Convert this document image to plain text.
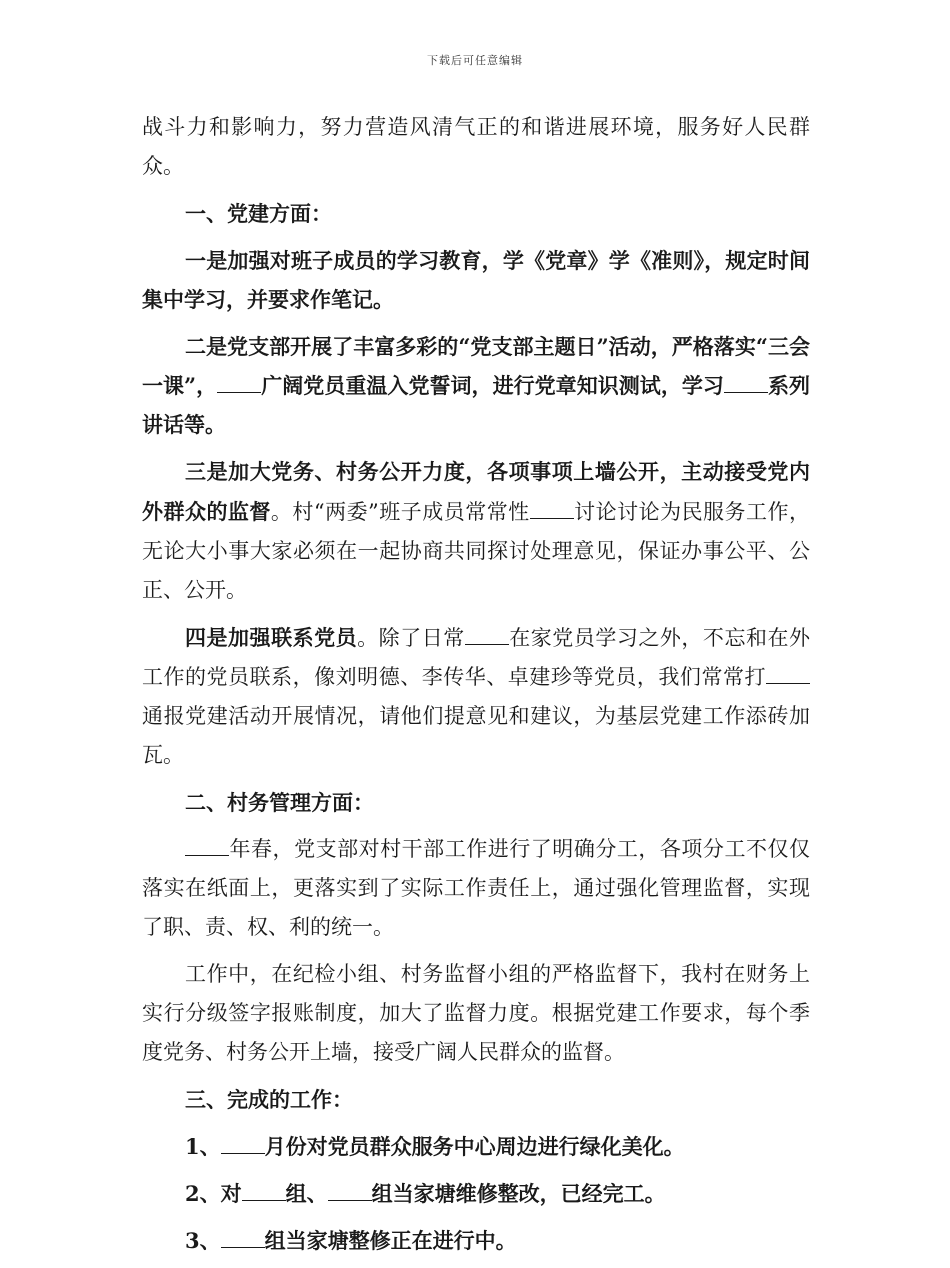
下载后可任意编辑

战斗力和影响力，努力营造风清气正的和谐进展环境，服务好人民群众。

一、党建方面：

一是加强对班子成员的学习教育，学《党章》学《准则》，规定时间集中学习，并要求作笔记。

二是党支部开展了丰富多彩的“党支部主题日”活动，严格落实“三会一课”， 广阔党员重温入党誓词，进行党章知识测试，学习 系列讲话等。

三是加大党务、村务公开力度，各项事项上墙公开，主动接受党内外群众的监督。村“两委”班子成员常常性 讨论讨论为民服务工作，无论大小事大家必须在一起协商共同探讨处理意见，保证办事公平、公正、公开。

四是加强联系党员。除了日常 在家党员学习之外，不忘和在外工作的党员联系，像刘明德、李传华、卓建珍等党员，我们常常打通报党建活动开展情况，请他们提意见和建议，为基层党建工作添砖加瓦。

二、村务管理方面：

年春，党支部对村干部工作进行了明确分工，各项分工不仅仅落实在纸面上，更落实到了实际工作责任上，通过强化管理监督，实现了职、责、权、利的统一。

工作中，在纪检小组、村务监督小组的严格监督下，我村在财务上实行分级签字报账制度，加大了监督力度。根据党建工作要求，每个季度党务、村务公开上墙，接受广阔人民群众的监督。

三、完成的工作：

1、 月份对党员群众服务中心周边进行绿化美化。

2、对 组、 组当家塘维修整改，已经完工。

3、 组当家塘整修正在进行中。
